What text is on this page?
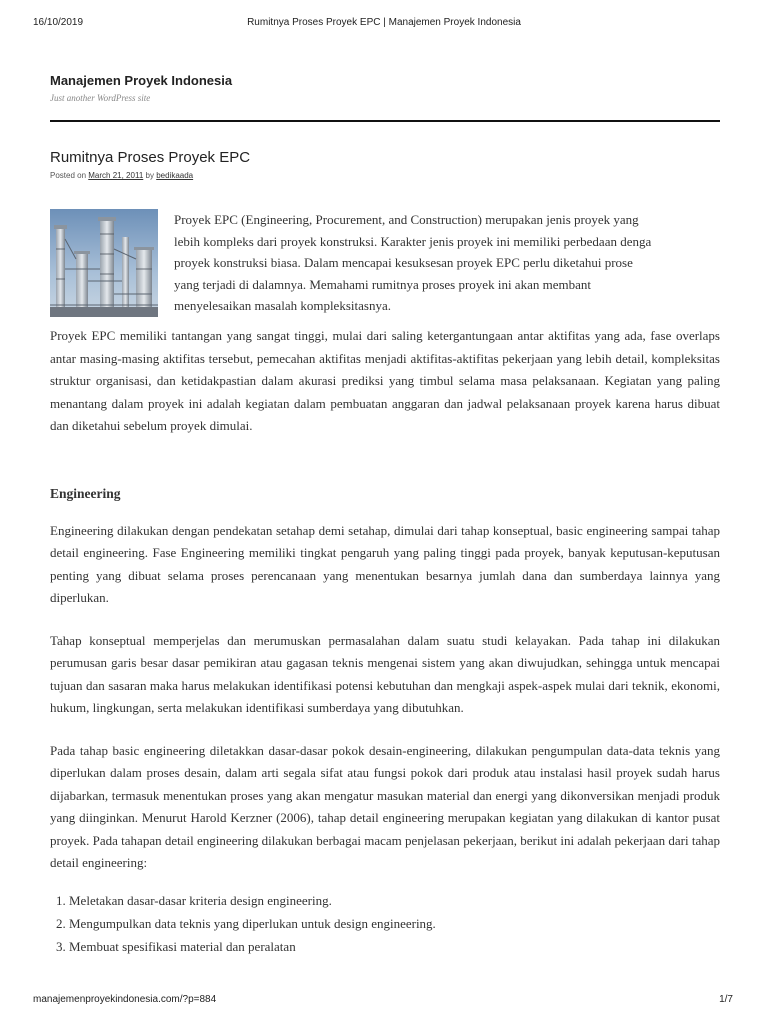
16/10/2019	Rumitnya Proses Proyek EPC | Manajemen Proyek Indonesia
Manajemen Proyek Indonesia
Just another WordPress site
Rumitnya Proses Proyek EPC
Posted on March 21, 2011 by bedikaada
Proyek EPC (Engineering, Procurement, and Construction) merupakan jenis proyek yang
lebih kompleks dari proyek konstruksi. Karakter jenis proyek ini memiliki perbedaan denga
proyek konstruksi biasa. Dalam mencapai kesuksesan proyek EPC perlu diketahui prose
yang terjadi di dalamnya. Memahami rumitnya proses proyek ini akan membant
menyelesaikan masalah kompleksitasnya.

Proyek EPC memiliki tantangan yang sangat tinggi, mulai dari saling ketergantungaan antar aktifitas yang ada, fase overlaps antar masing-masing aktifitas tersebut, pemecahan aktifitas menjadi aktifitas-aktifitas pekerjaan yang lebih detail, kompleksitas struktur organisasi, dan ketidakpastian dalam akurasi prediksi yang timbul selama masa pelaksanaan. Kegiatan yang paling menantang dalam proyek ini adalah kegiatan dalam pembuatan anggaran dan jadwal pelaksanaan proyek karena harus dibuat dan diketahui sebelum proyek dimulai.

Engineering

Engineering dilakukan dengan pendekatan setahap demi setahap, dimulai dari tahap konseptual, basic engineering sampai tahap detail engineering. Fase Engineering memiliki tingkat pengaruh yang paling tinggi pada proyek, banyak keputusan-keputusan penting yang dibuat selama proses perencanaan yang menentukan besarnya jumlah dana dan sumberdaya lainnya yang diperlukan.

Tahap konseptual memperjelas dan merumuskan permasalahan dalam suatu studi kelayakan. Pada tahap ini dilakukan perumusan garis besar dasar pemikiran atau gagasan teknis mengenai sistem yang akan diwujudkan, sehingga untuk mencapai tujuan dan sasaran maka harus melakukan identifikasi potensi kebutuhan dan mengkaji aspek-aspek mulai dari teknik, ekonomi, hukum, lingkungan, serta melakukan identifikasi sumberdaya yang dibutuhkan.

Pada tahap basic engineering diletakkan dasar-dasar pokok desain-engineering, dilakukan pengumpulan data-data teknis yang diperlukan dalam proses desain, dalam arti segala sifat atau fungsi pokok dari produk atau instalasi hasil proyek sudah harus dijabarkan, termasuk menentukan proses yang akan mengatur masukan material dan energi yang dikonversikan menjadi produk yang diinginkan. Menurut Harold Kerzner (2006), tahap detail engineering merupakan kegiatan yang dilakukan di kantor pusat proyek. Pada tahapan detail engineering dilakukan berbagai macam penjelasan pekerjaan, berikut ini adalah pekerjaan dari tahap detail engineering:

1. Meletakan dasar-dasar kriteria design engineering.
2. Mengumpulkan data teknis yang diperlukan untuk design engineering.
3. Membuat spesifikasi material dan peralatan
manajemenproyekindonesia.com/?p=884	1/7
